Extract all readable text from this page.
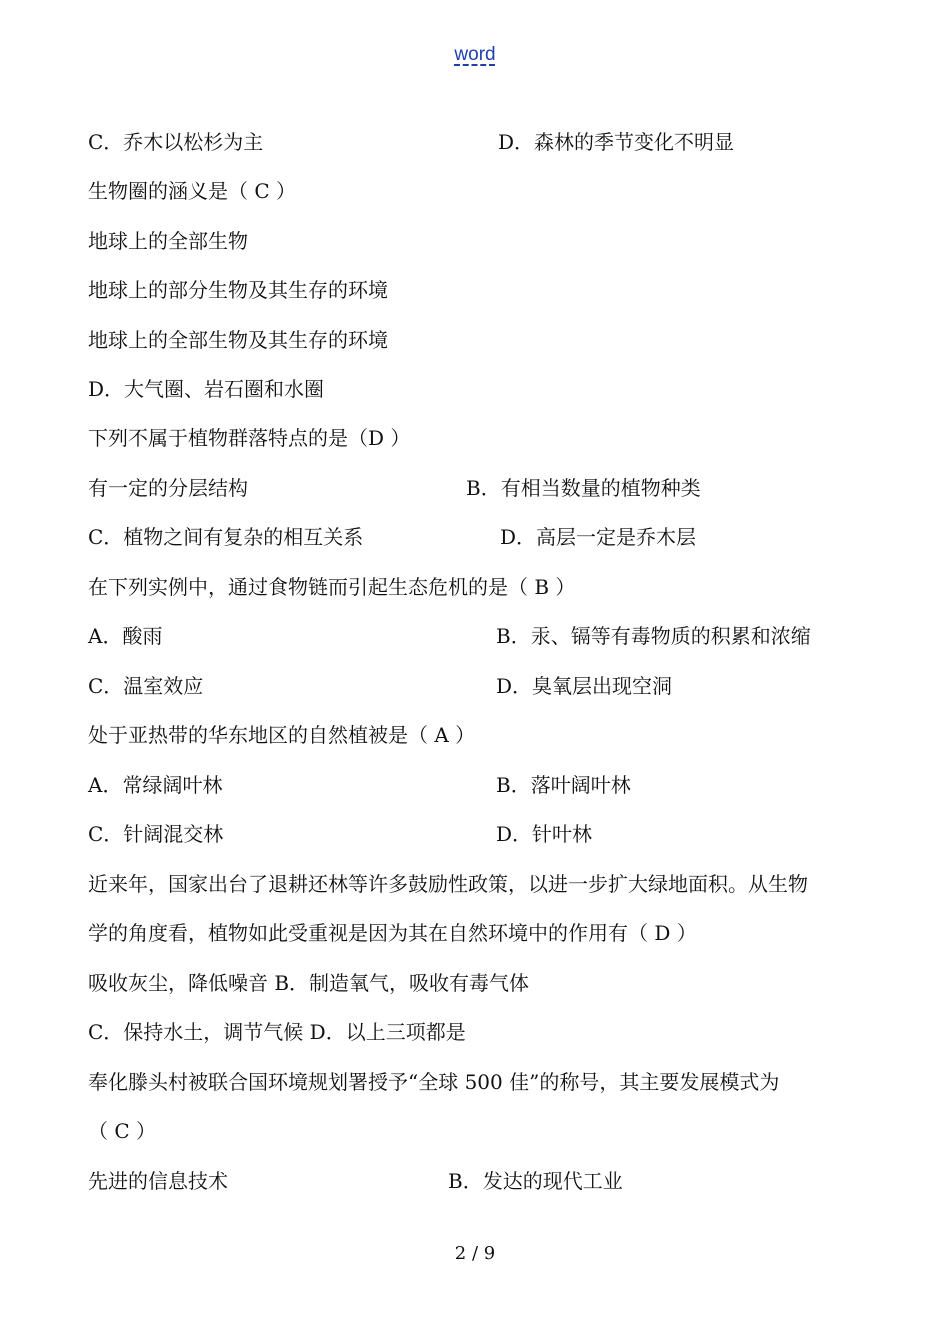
word
C．乔木以松杉为主	D．森林的季节变化不明显
生物圈的涵义是（ C ）
地球上的全部生物
地球上的部分生物及其生存的环境
地球上的全部生物及其生存的环境
D．大气圈、岩石圈和水圈
下列不属于植物群落特点的是（D ）
有一定的分层结构	B．有相当数量的植物种类
C．植物之间有复杂的相互关系	D．高层一定是乔木层
在下列实例中，通过食物链而引起生态危机的是（ B ）
A．酸雨	B．汞、镉等有毒物质的积累和浓缩
C．温室效应	D．臭氧层出现空洞
处于亚热带的华东地区的自然植被是（ A ）
A．常绿阔叶林	B．落叶阔叶林
C．针阔混交林	D．针叶林
近来年，国家出台了退耕还林等许多鼓励性政策，以进一步扩大绿地面积。从生物
学的角度看，植物如此受重视是因为其在自然环境中的作用有（ D ）
吸收灰尘，降低噪音 B．制造氧气，吸收有毒气体
C．保持水土，调节气候 D．以上三项都是
奉化滕头村被联合国环境规划署授予“全球 500 佳”的称号，其主要发展模式为
（ C ）
先进的信息技术	B．发达的现代工业
2 / 9
